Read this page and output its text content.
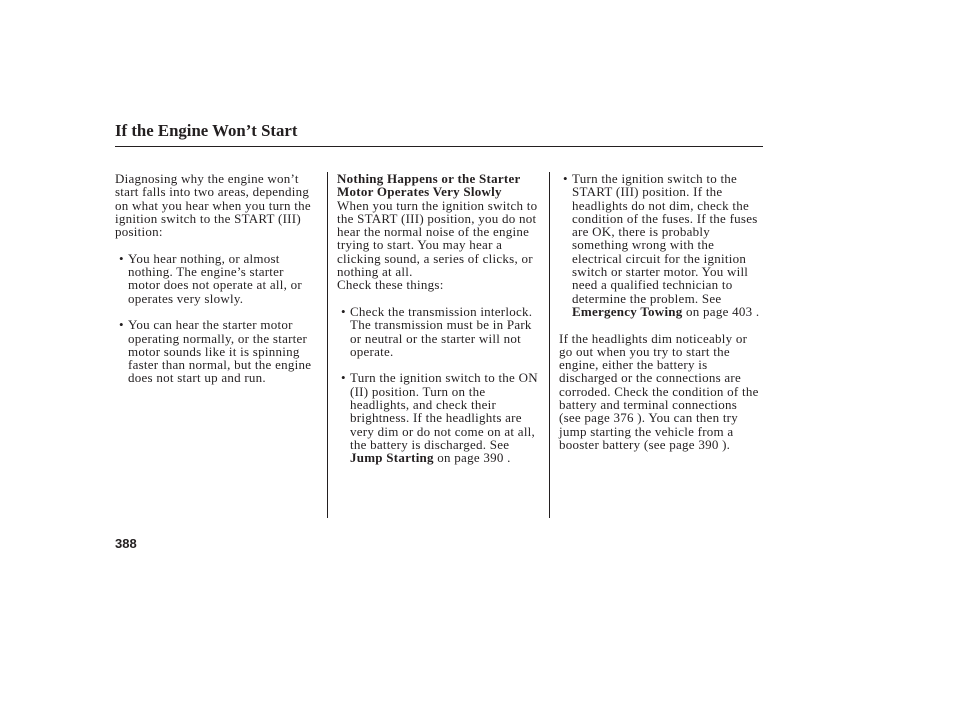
If the Engine Won’t Start
Diagnosing why the engine won’t
start falls into two areas, depending
on what you hear when you turn the
ignition switch to the START (III)
position:
• You hear nothing, or almost
nothing. The engine’s starter
motor does not operate at all, or
operates very slowly.
• You can hear the starter motor
operating normally, or the starter
motor sounds like it is spinning
faster than normal, but the engine
does not start up and run.
Nothing Happens or the Starter
Motor Operates Very Slowly
When you turn the ignition switch to
the START (III) position, you do not
hear the normal noise of the engine
trying to start. You may hear a
clicking sound, a series of clicks, or
nothing at all.
Check these things:
• Check the transmission interlock.
The transmission must be in Park
or neutral or the starter will not
operate.
• Turn the ignition switch to the ON
(II) position. Turn on the
headlights, and check their
brightness. If the headlights are
very dim or do not come on at all,
the battery is discharged. See
Jump Starting on page 390 .
• Turn the ignition switch to the
START (III) position. If the
headlights do not dim, check the
condition of the fuses. If the fuses
are OK, there is probably
something wrong with the
electrical circuit for the ignition
switch or starter motor. You will
need a qualified technician to
determine the problem. See
Emergency Towing on page 403 .
If the headlights dim noticeably or
go out when you try to start the
engine, either the battery is
discharged or the connections are
corroded. Check the condition of the
battery and terminal connections
(see page 376 ). You can then try
jump starting the vehicle from a
booster battery (see page 390 ).
388
